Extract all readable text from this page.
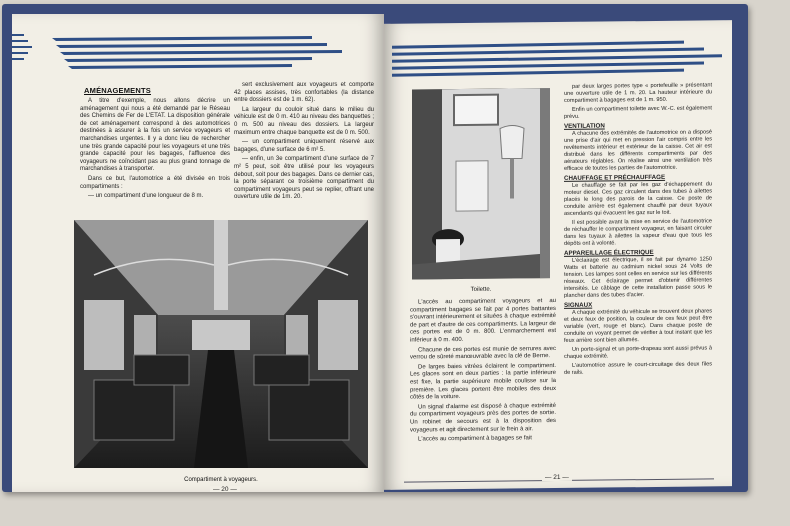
AMÉNAGEMENTS

A titre d'exemple, nous allons décrire un aménagement qui nous a été demandé par le Réseau des Chemins de Fer de L'ETAT. La disposition générale de cet aménagement correspond à des automotrices destinées à assurer à la fois un service voyageurs et marchandises urgentes. Il y a donc lieu de rechercher une très grande capacité pour les voyageurs et une très grande capacité pour les bagages, l'affluence des voyageurs ne coïncidant pas au plus grand tonnage de marchandises à transporter.

Dans ce but, l'automotrice a été divisée en trois compartiments :

— un compartiment d'une longueur de 8 m.

sert exclusivement aux voyageurs et comporte 42 places assises, très confortables (la distance entre dossiers est de 1 m. 62).

La largeur du couloir situé dans le milieu du véhicule est de 0 m. 410 au niveau des banquettes ; 0 m. 500 au niveau des dossiers. La largeur maximum entre chaque banquette est de 0 m. 500.

— un compartiment uniquement réservé aux bagages, d'une surface de 6 m² 5.

— enfin, un 3e compartiment d'une surface de 7 m² 5 peut, soit être utilisé pour les voyageurs debout, soit pour des bagages. Dans ce dernier cas, la porte séparant ce troisième compartiment du compartiment voyageurs peut se replier, offrant une ouverture utile de 1m. 20.

Compartiment à voyageurs.
— 20 —
Toilette.

L'accès au compartiment voyageurs et au compartiment bagages se fait par 4 portes battantes s'ouvrant intérieurement et situées à chaque extrémité de part et d'autre de ces compartiments. La largeur de ces portes est de 0 m. 800. L'enmarchement est inférieur à 0 m. 400.

Chacune de ces portes est munie de serrures avec verrou de sûreté manœuvrable avec la clé de Berne.

De larges baies vitrées éclairent le compartiment. Les glaces sont en deux parties : la partie inférieure est fixe, la partie supérieure mobile coulisse sur la première. Les glaces portent être mobiles des deux côtés de la voiture.

Un signal d'alarme est disposé à chaque extrémité du compartiment voyageurs près des portes de sortie. Un robinet de secours est à la disposition des voyageurs et agit directement sur le frein à air.

L'accès au compartiment à bagages se fait

par deux larges portes type « portefeuille » présentant une ouverture utile de 1 m. 20. La hauteur intérieure du compartiment à bagages est de 1 m. 950.

Enfin un compartiment toilette avec W.-C. est également prévu.

VENTILATION

A chacune des extrémités de l'automotrice on a disposé une prise d'air qui met en pression l'air compris entre les revêtements intérieur et extérieur de la caisse. Cet air est distribué dans les différents compartiments par des aérateurs réglables. On réalise ainsi une ventilation très efficace de toutes les parties de l'automotrice.

CHAUFFAGE ET PRÉCHAUFFAGE

Le chauffage se fait par les gaz d'échappement du moteur diesel. Ces gaz circulent dans des tubes à ailettes placés le long des parois de la caisse. Ce poste de conduite arrière est également chauffé par deux tuyaux ascendants qui évacuent les gaz sur le toit.

Il est possible avant la mise en service de l'automotrice de réchauffer le compartiment voyageur, en faisant circuler dans les tuyaux à ailettes la vapeur d'eau que tous les dépôts ont à volonté.

APPAREILLAGE ÉLECTRIQUE

L'éclairage est électrique, il se fait par dynamo 1250 Watts et batterie au cadmium nickel sous 24 Volts de tension. Les lampes sont celles en service sur les différents réseaux. Cet éclairage permet d'obtenir différentes intensités. Le câblage de cette installation passe sous le plancher dans des tubes d'acier.

SIGNAUX

A chaque extrémité du véhicule se trouvent deux phares et deux feux de position, la couleur de ces feux peut être variable (vert, rouge et blanc). Dans chaque poste de conduite on voyant permet de vérifier à tout instant que les feux arrière sont bien allumés.

Un porte-signal et un porte-drapeau sont aussi prévus à chaque extrémité.

L'automotrice assure le court-circuitage des deux files de rails.

— 21 —
